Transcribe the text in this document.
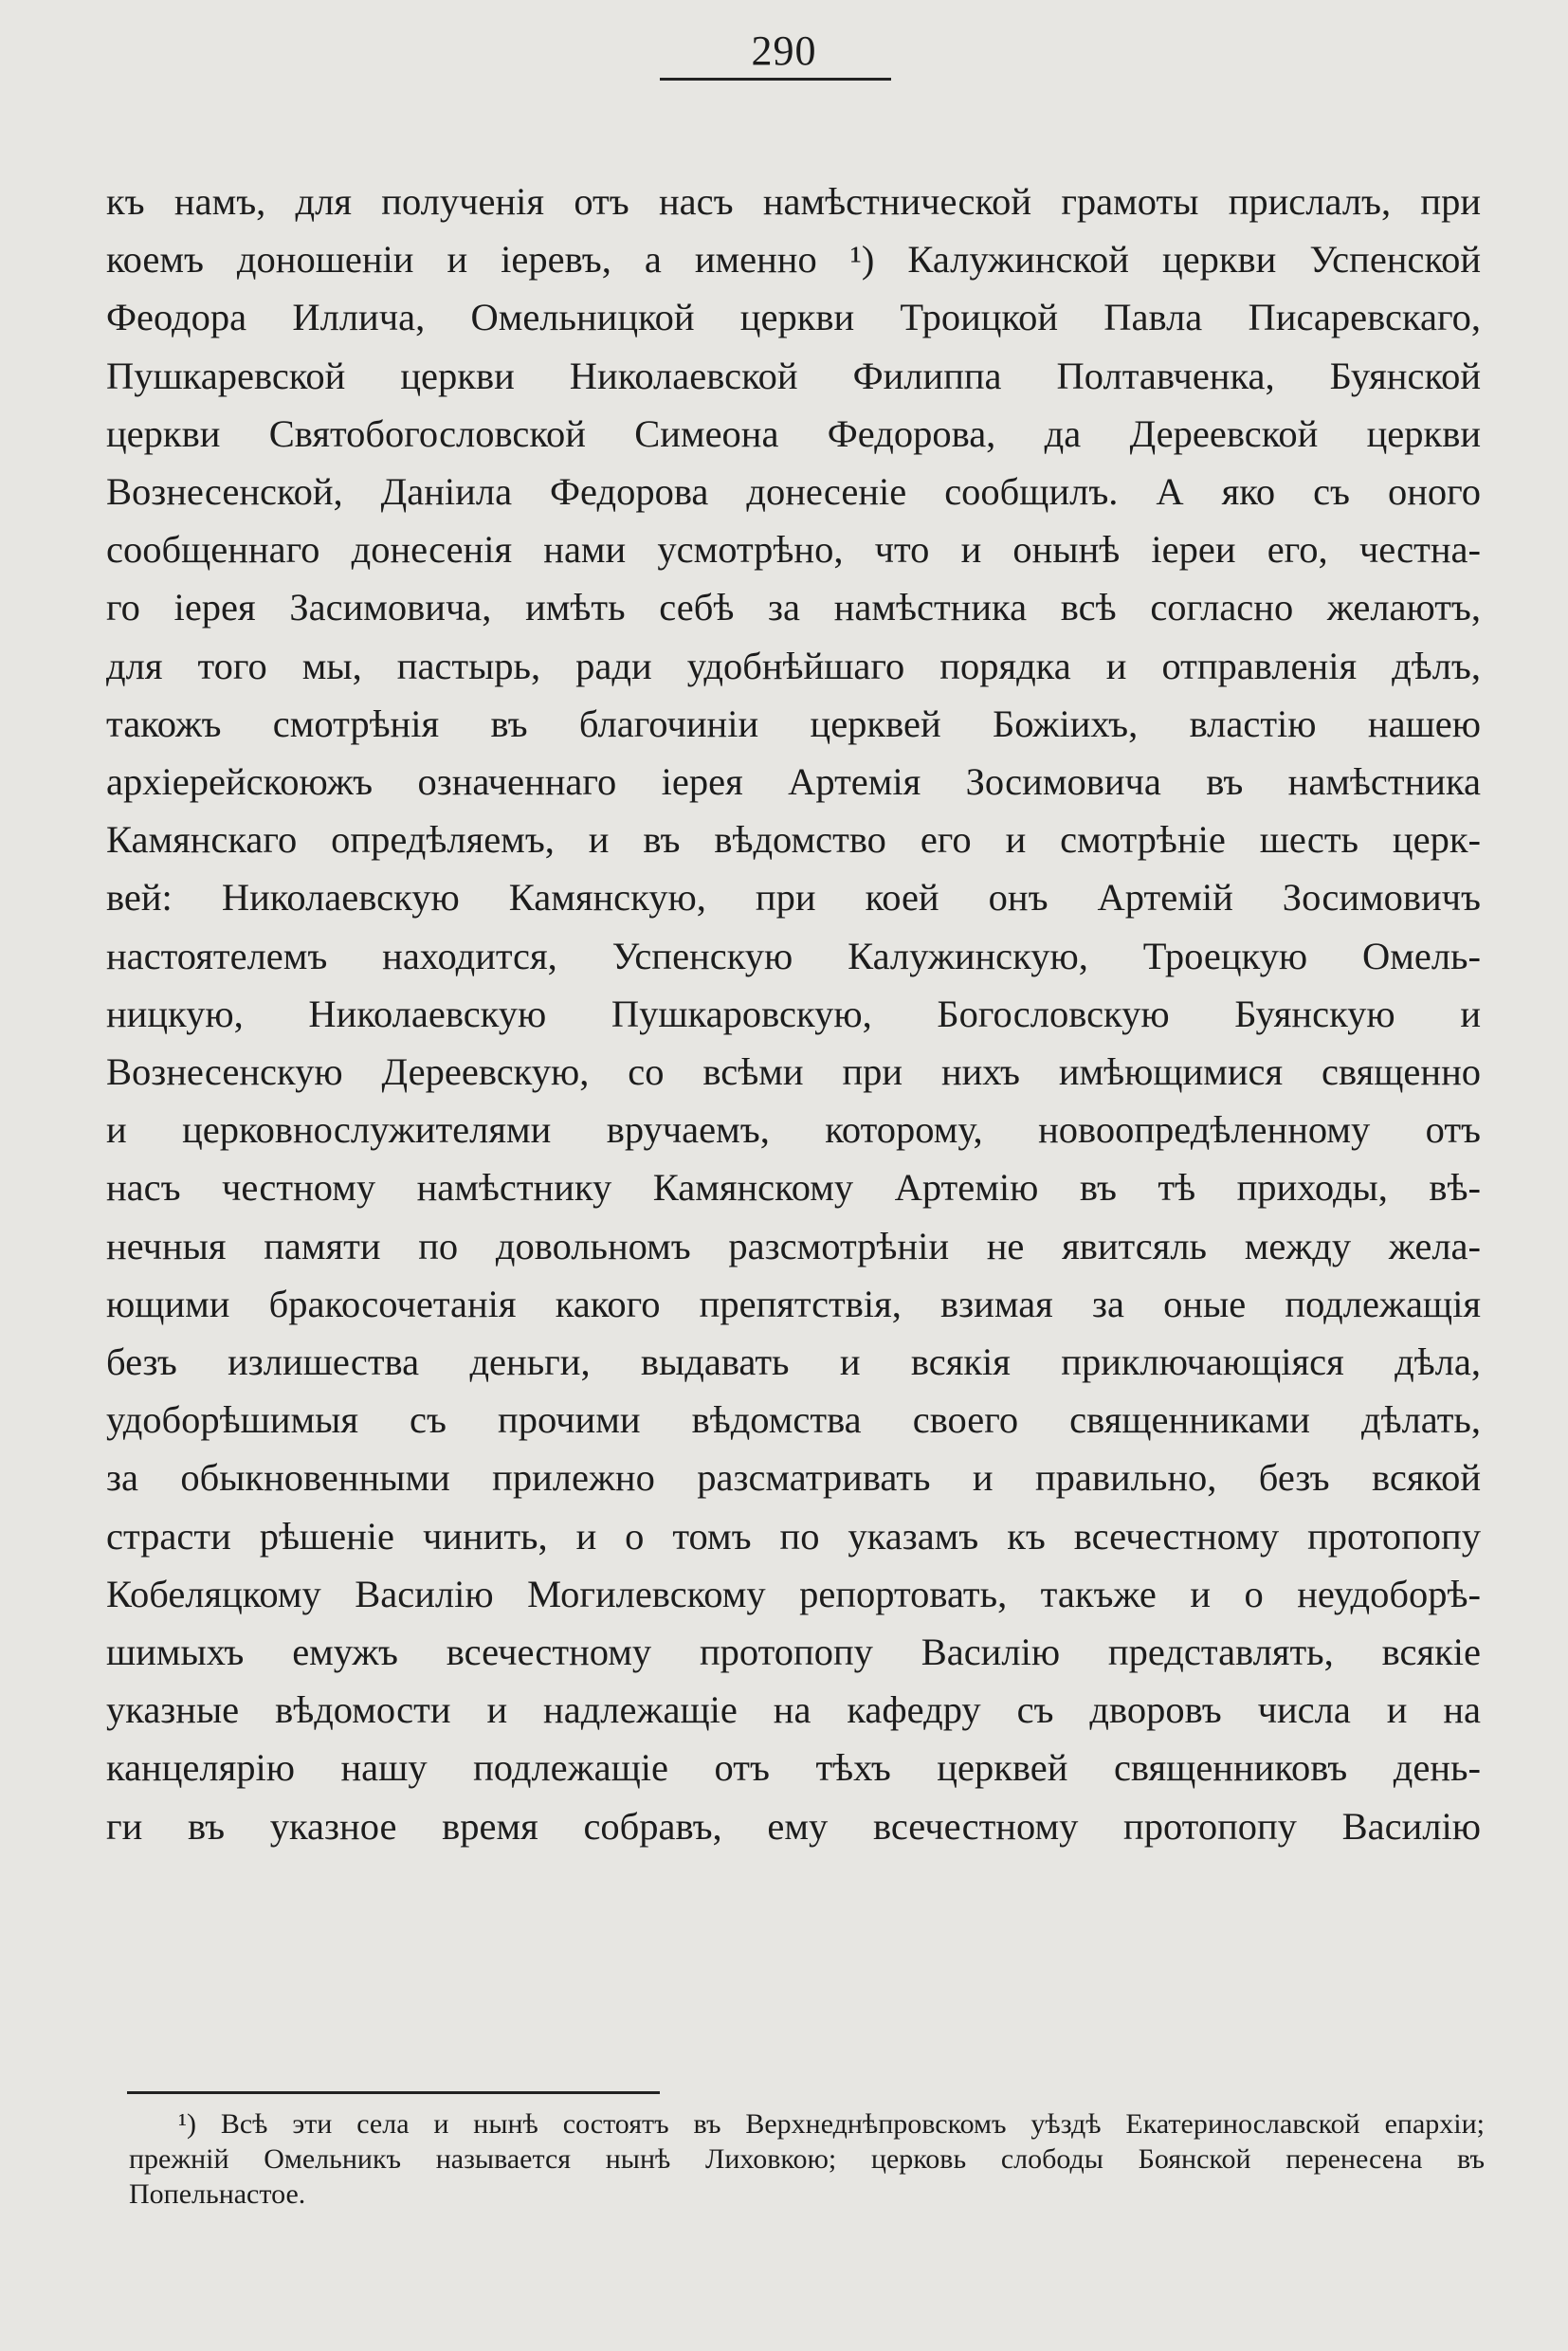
290
къ намъ, для полученія отъ насъ намѣстнической грамоты прислалъ, при
коемъ доношеніи и іеревъ, а именно ¹) Калужинской церкви Успенской
Феодора Иллича, Омельницкой церкви Троицкой Павла Писаревскаго,
Пушкаревской церкви Николаевской Филиппа Полтавченка, Буянской
церкви Святобогословской Симеона Федорова, да Дереевской церкви
Вознесенской, Даніила Федорова донесеніе сообщилъ. А яко съ оного
сообщеннаго донесенія нами усмотрѣно, что и онынѣ іереи его, честна-
го іерея Засимовича, имѣть себѣ за намѣстника всѣ согласно желаютъ,
для того мы, пастырь, ради удобнѣйшаго порядка и отправленія дѣлъ,
такожъ смотрѣнія въ благочиніи церквей Божіихъ, властію нашею
архіерейскоюжъ означеннаго іерея Артемія Зосимовича въ намѣстника
Камянскаго опредѣляемъ, и въ вѣдомство его и смотрѣніе шесть церк-
вей: Николаевскую Камянскую, при коей онъ Артемій Зосимовичъ
настоятелемъ находится, Успенскую Калужинскую, Троецкую Омель-
ницкую, Николаевскую Пушкаровскую, Богословскую Буянскую и
Вознесенскую Дереевскую, со всѣми при нихъ имѣющимися священно
и церковнослужителями вручаемъ, которому, новоопредѣленному отъ
насъ честному намѣстнику Камянскому Артемію въ тѣ приходы, вѣ-
нечныя памяти по довольномъ разсмотрѣніи не явитсяль между жела-
ющими бракосочетанія какого препятствія, взимая за оные подлежащія
безъ излишества деньги, выдавать и всякія приключающіяся дѣла,
удоборѣшимыя съ прочими вѣдомства своего священниками дѣлать,
за обыкновенными прилежно разсматривать и правильно, безъ всякой
страсти рѣшеніе чинить, и о томъ по указамъ къ всечестному протопопу
Кобеляцкому Василію Могилевскому репортовать, такъже и о неудоборѣ-
шимыхъ емужъ всечестному протопопу Василію представлять, всякіе
указные вѣдомости и надлежащіе на кафедру съ дворовъ числа и на
канцелярію нашу подлежащіе отъ тѣхъ церквей священниковъ день-
ги въ указное время собравъ, ему всечестному протопопу Василію
¹) Всѣ эти села и нынѣ состоятъ въ Верхнеднѣпровскомъ уѣздѣ Екатеринославской епархіи;
прежній Омельникъ называется нынѣ Лиховкою; церковь слободы Боянской перенесена въ
Попельнастое.
